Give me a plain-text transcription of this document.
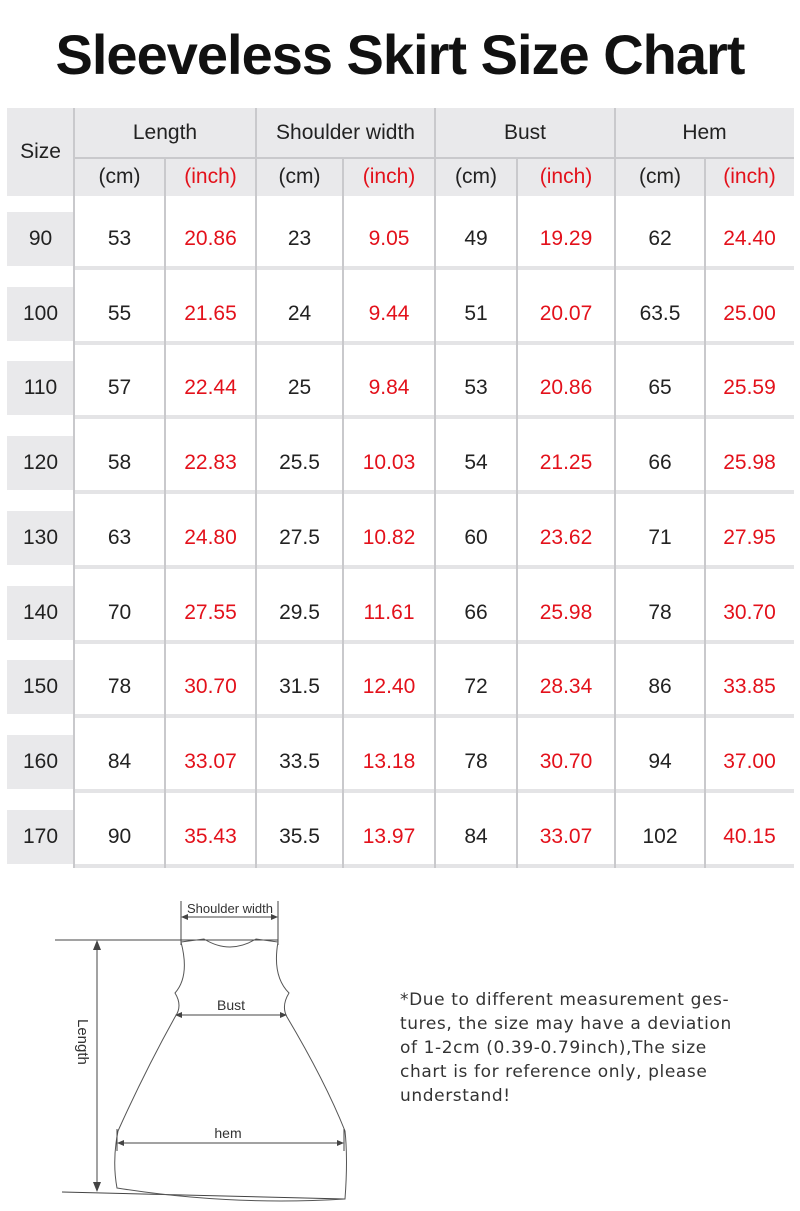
Sleeveless Skirt Size Chart
Size
Length
(cm)	(inch)
Shoulder width
(cm)	(inch)
Bust
(cm)	(inch)
Hem
(cm)	(inch)
90	53	20.86	23	9.05	49	19.29	62	24.40
100	55	21.65	24	9.44	51	20.07	63.5	25.00
110	57	22.44	25	9.84	53	20.86	65	25.59
120	58	22.83	25.5	10.03	54	21.25	66	25.98
130	63	24.80	27.5	10.82	60	23.62	71	27.95
140	70	27.55	29.5	11.61	66	25.98	78	30.70
150	78	30.70	31.5	12.40	72	28.34	86	33.85
160	84	33.07	33.5	13.18	78	30.70	94	37.00
170	90	35.43	35.5	13.97	84	33.07	102	40.15
Length
Shoulder width
Bust
hem
*Due to different measurement ges-
tures, the size may have a deviation
of 1-2cm (0.39-0.79inch),The size
chart is for reference only, please
understand!
